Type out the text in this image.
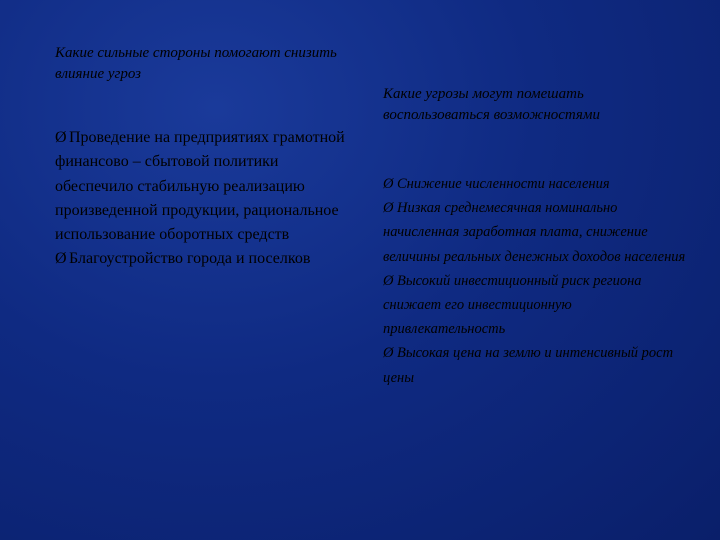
Какие сильные стороны помогают снизить влияние угроз

Ø Проведение на предприятиях грамотной финансово – сбытовой политики обеспечило стабильную реализацию произведенной продукции, рациональное использование оборотных средств
Ø Благоустройство города и поселков

Какие угрозы могут помешать воспользоваться возможностями

Ø Снижение численности населения
Ø Низкая среднемесячная номинально начисленная заработная плата, снижение величины реальных денежных доходов населения
Ø Высокий инвестиционный риск региона снижает его инвестиционную привлекательность
Ø Высокая цена на землю и интенсивный рост цены
